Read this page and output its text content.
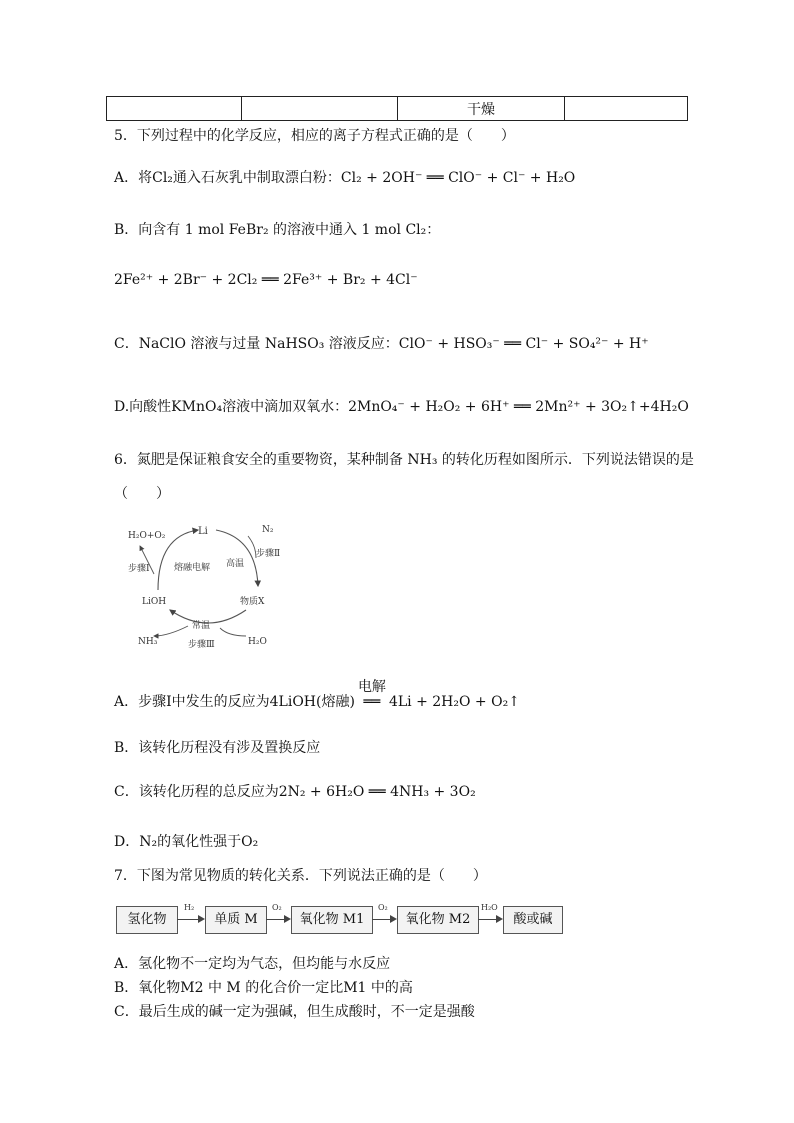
		干燥	
5．下列过程中的化学反应，相应的离子方程式正确的是（　　）
A．将Cl₂通入石灰乳中制取漂白粉：Cl₂ + 2OH⁻ ══ ClO⁻ + Cl⁻ + H₂O
B．向含有 1 mol FeBr₂ 的溶液中通入 1 mol Cl₂：
2Fe²⁺ + 2Br⁻ + 2Cl₂ ══ 2Fe³⁺ + Br₂ + 4Cl⁻
C．NaClO 溶液与过量 NaHSO₃ 溶液反应：ClO⁻ + HSO₃⁻ ══ Cl⁻ + SO₄²⁻ + H⁺
D.向酸性KMnO₄溶液中滴加双氧水：2MnO₄⁻ + H₂O₂ + 6H⁺ ══ 2Mn²⁺ + 3O₂↑+4H₂O
6．氮肥是保证粮食安全的重要物资，某种制备 NH₃ 的转化历程如图所示．下列说法错误的是
（　　）
H₂O+O₂	Li	N₂
步骤Ⅰ
步骤Ⅱ
熔融电解 高温
LiOH	物质X
常温
NH₃	H₂O
步骤Ⅲ
A．步骤Ⅰ中发生的反应为4LiOH(熔融)
电解
══ 4Li + 2H₂O + O₂↑
B．该转化历程没有涉及置换反应
C．该转化历程的总反应为2N₂ + 6H₂O ══ 4NH₃ + 3O₂
D．N₂的氧化性强于O₂
7．下图为常见物质的转化关系．下列说法正确的是（　　）
氢化物
H₂
单质 M
O₂
氧化物 M1
O₂
氧化物 M2
H₂O
酸或碱
A．氢化物不一定均为气态，但均能与水反应
B．氧化物M2 中 M 的化合价一定比M1 中的高
C．最后生成的碱一定为强碱，但生成酸时，不一定是强酸
